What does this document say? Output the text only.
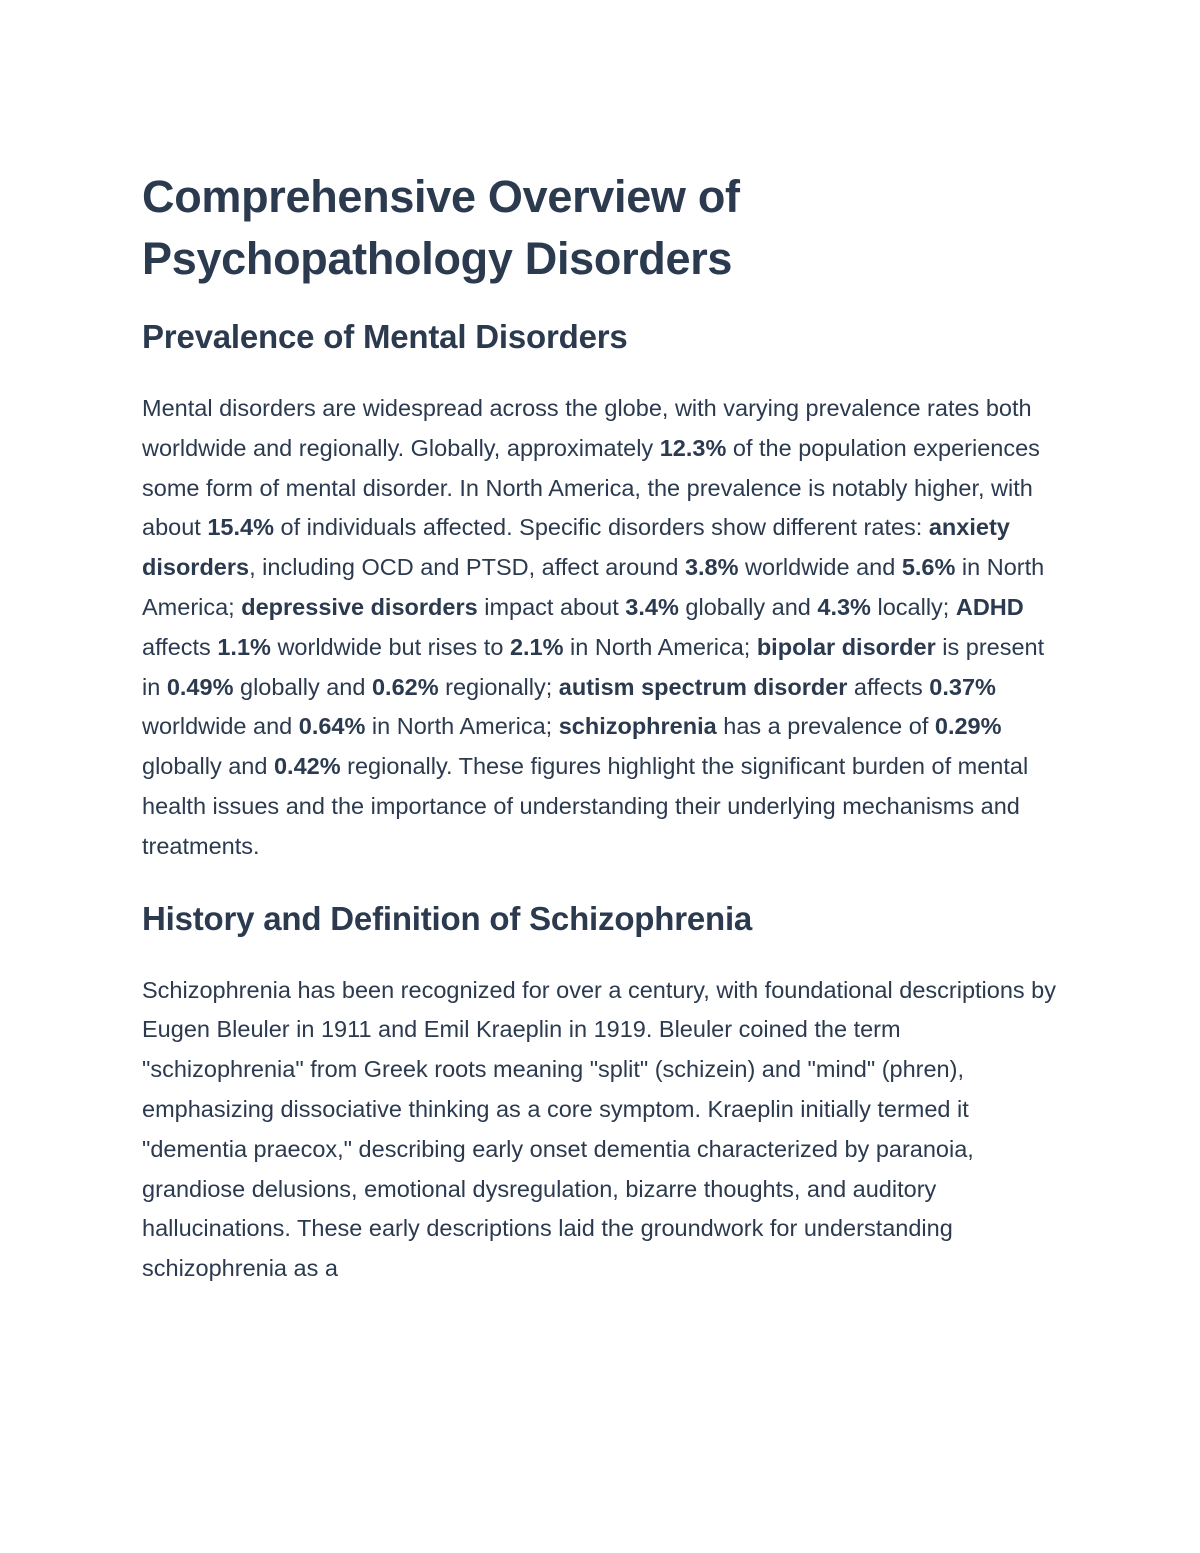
Comprehensive Overview of Psychopathology Disorders
Prevalence of Mental Disorders

Mental disorders are widespread across the globe, with varying prevalence rates both worldwide and regionally. Globally, approximately 12.3% of the population experiences some form of mental disorder. In North America, the prevalence is notably higher, with about 15.4% of individuals affected. Specific disorders show different rates: anxiety disorders, including OCD and PTSD, affect around 3.8% worldwide and 5.6% in North America; depressive disorders impact about 3.4% globally and 4.3% locally; ADHD affects 1.1% worldwide but rises to 2.1% in North America; bipolar disorder is present in 0.49% globally and 0.62% regionally; autism spectrum disorder affects 0.37% worldwide and 0.64% in North America; schizophrenia has a prevalence of 0.29% globally and 0.42% regionally. These figures highlight the significant burden of mental health issues and the importance of understanding their underlying mechanisms and treatments.

History and Definition of Schizophrenia

Schizophrenia has been recognized for over a century, with foundational descriptions by Eugen Bleuler in 1911 and Emil Kraeplin in 1919. Bleuler coined the term "schizophrenia" from Greek roots meaning "split" (schizein) and "mind" (phren), emphasizing dissociative thinking as a core symptom. Kraeplin initially termed it "dementia praecox," describing early onset dementia characterized by paranoia, grandiose delusions, emotional dysregulation, bizarre thoughts, and auditory hallucinations. These early descriptions laid the groundwork for understanding schizophrenia as a
